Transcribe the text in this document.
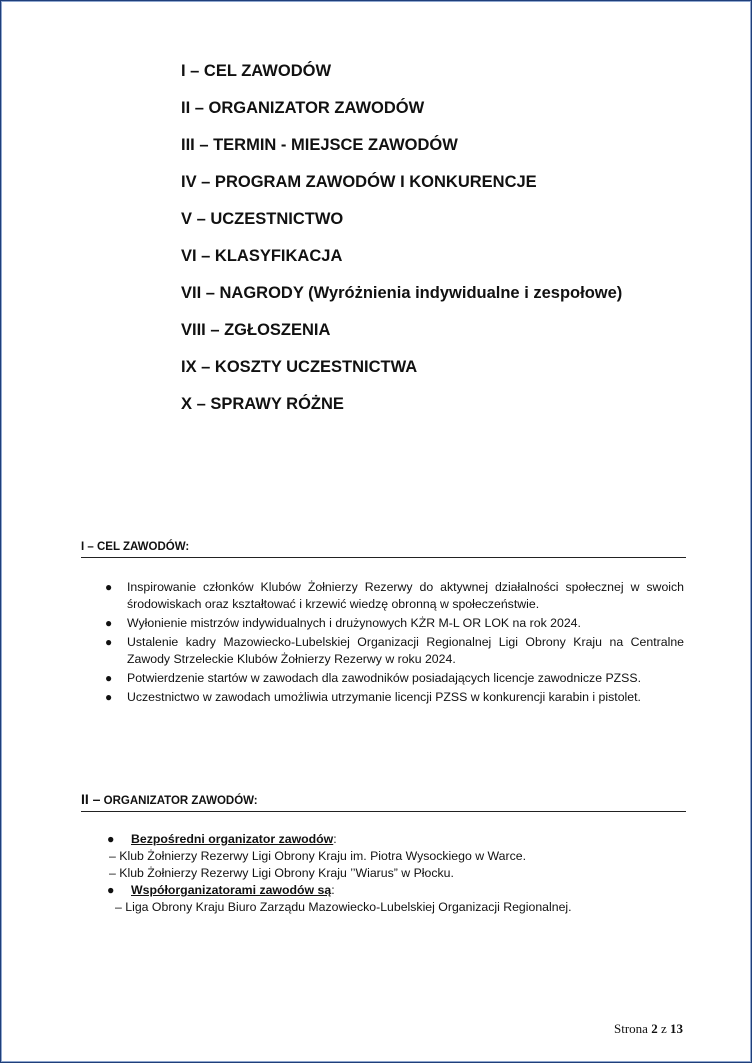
I – CEL ZAWODÓW
II – ORGANIZATOR ZAWODÓW
III – TERMIN - MIEJSCE ZAWODÓW
IV – PROGRAM ZAWODÓW I KONKURENCJE
V – UCZESTNICTWO
VI – KLASYFIKACJA
VII – NAGRODY (Wyróżnienia indywidualne i zespołowe)
VIII – ZGŁOSZENIA
IX – KOSZTY UCZESTNICTWA
X – SPRAWY RÓŻNE
I – CEL ZAWODÓW:
● Inspirowanie członków Klubów Żołnierzy Rezerwy do aktywnej działalności społecznej w swoich środowiskach oraz kształtować i krzewić wiedzę obronną w społeczeństwie.
● Wyłonienie mistrzów indywidualnych i drużynowych KŻR M-L OR LOK na rok 2024.
● Ustalenie kadry Mazowiecko-Lubelskiej Organizacji Regionalnej Ligi Obrony Kraju na Centralne Zawody Strzeleckie Klubów Żołnierzy Rezerwy w roku 2024.
● Potwierdzenie startów w zawodach dla zawodników posiadających licencje zawodnicze PZSS.
● Uczestnictwo w zawodach umożliwia utrzymanie licencji PZSS w konkurencji karabin i pistolet.
II – ORGANIZATOR ZAWODÓW:
● Bezpośredni organizator zawodów:
– Klub Żołnierzy Rezerwy Ligi Obrony Kraju im. Piotra Wysockiego w Warce.
– Klub Żołnierzy Rezerwy Ligi Obrony Kraju ’’Wiarus” w Płocku.
● Współorganizatorami zawodów są:
– Liga Obrony Kraju Biuro Zarządu Mazowiecko-Lubelskiej Organizacji Regionalnej.
Strona 2 z 13
